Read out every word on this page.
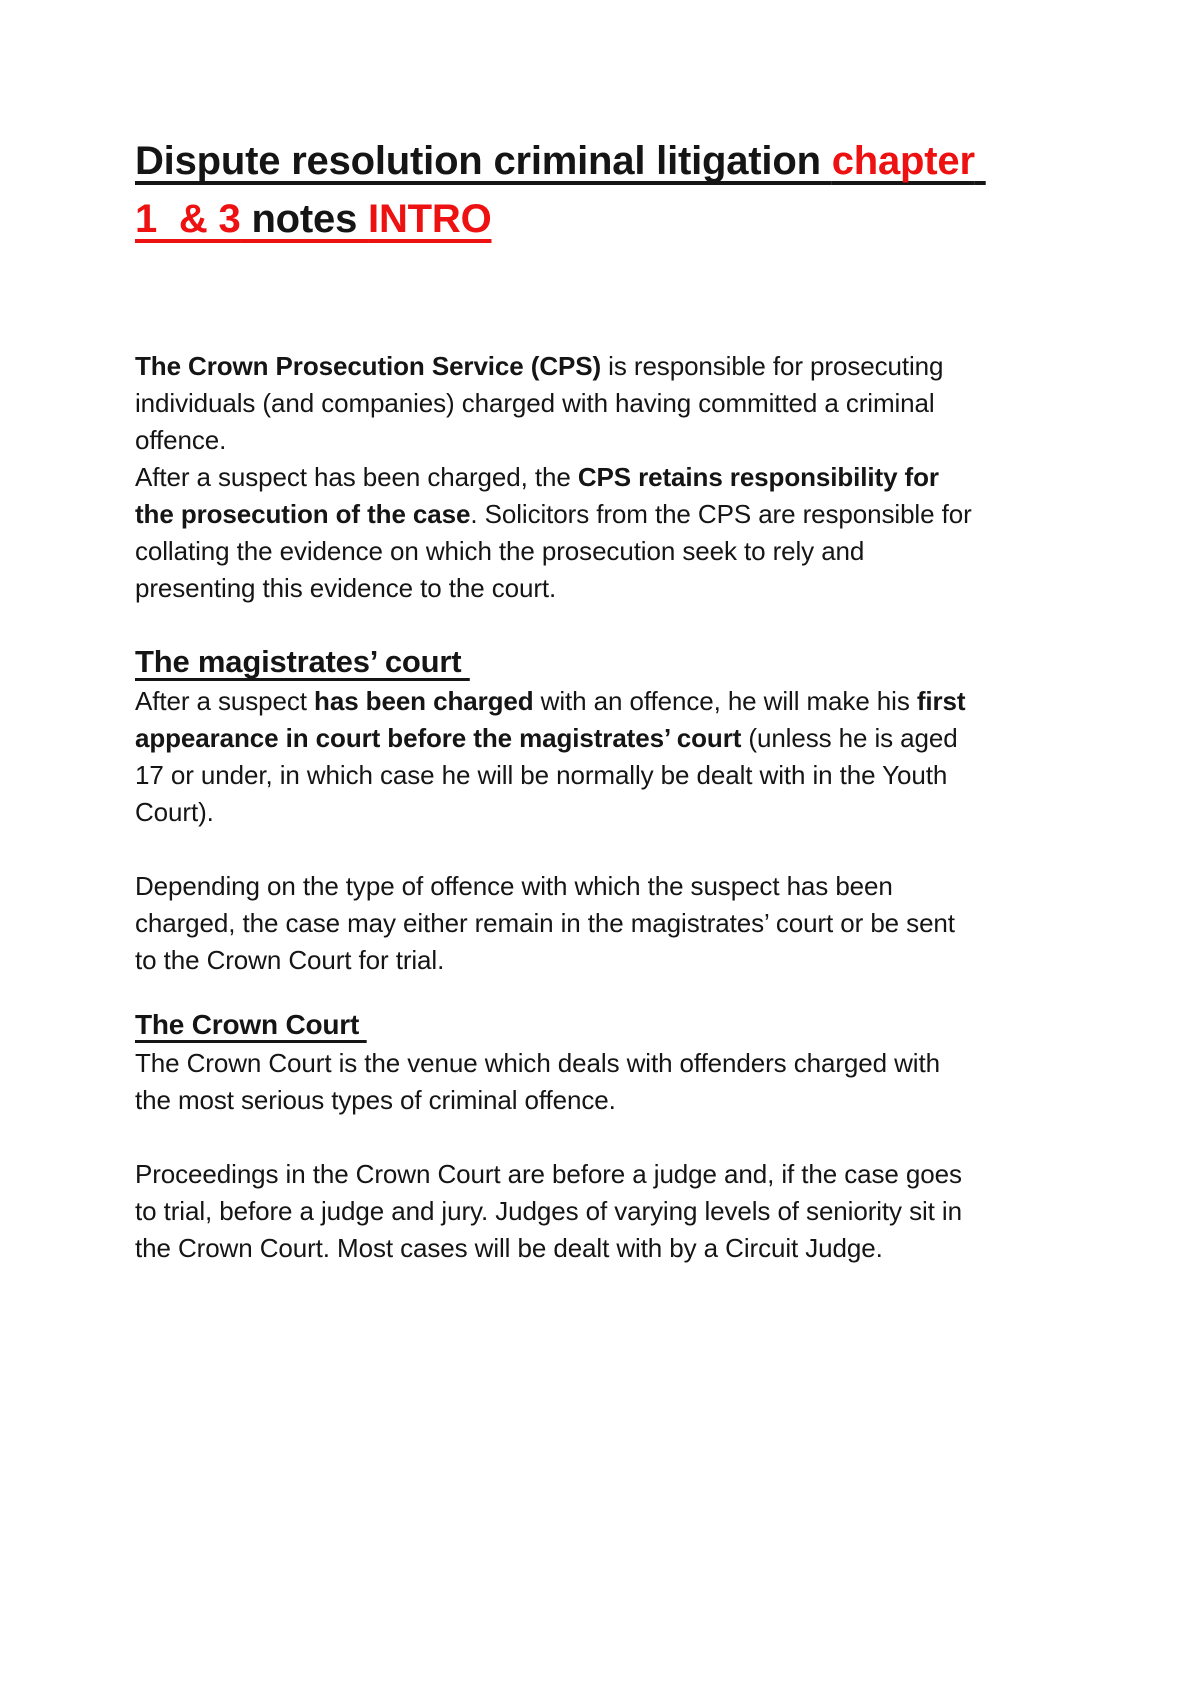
Dispute resolution criminal litigation chapter
1  & 3 notes INTRO

The Crown Prosecution Service (CPS) is responsible for prosecuting individuals (and companies) charged with having committed a criminal offence.

After a suspect has been charged, the CPS retains responsibility for the prosecution of the case. Solicitors from the CPS are responsible for collating the evidence on which the prosecution seek to rely and presenting this evidence to the court.

The magistrates’ court

After a suspect has been charged with an offence, he will make his first appearance in court before the magistrates’ court (unless he is aged 17 or under, in which case he will be normally be dealt with in the Youth Court).

Depending on the type of offence with which the suspect has been charged, the case may either remain in the magistrates’ court or be sent to the Crown Court for trial.

The Crown Court

The Crown Court is the venue which deals with offenders charged with the most serious types of criminal offence.

Proceedings in the Crown Court are before a judge and, if the case goes to trial, before a judge and jury. Judges of varying levels of seniority sit in the Crown Court. Most cases will be dealt with by a Circuit Judge.
